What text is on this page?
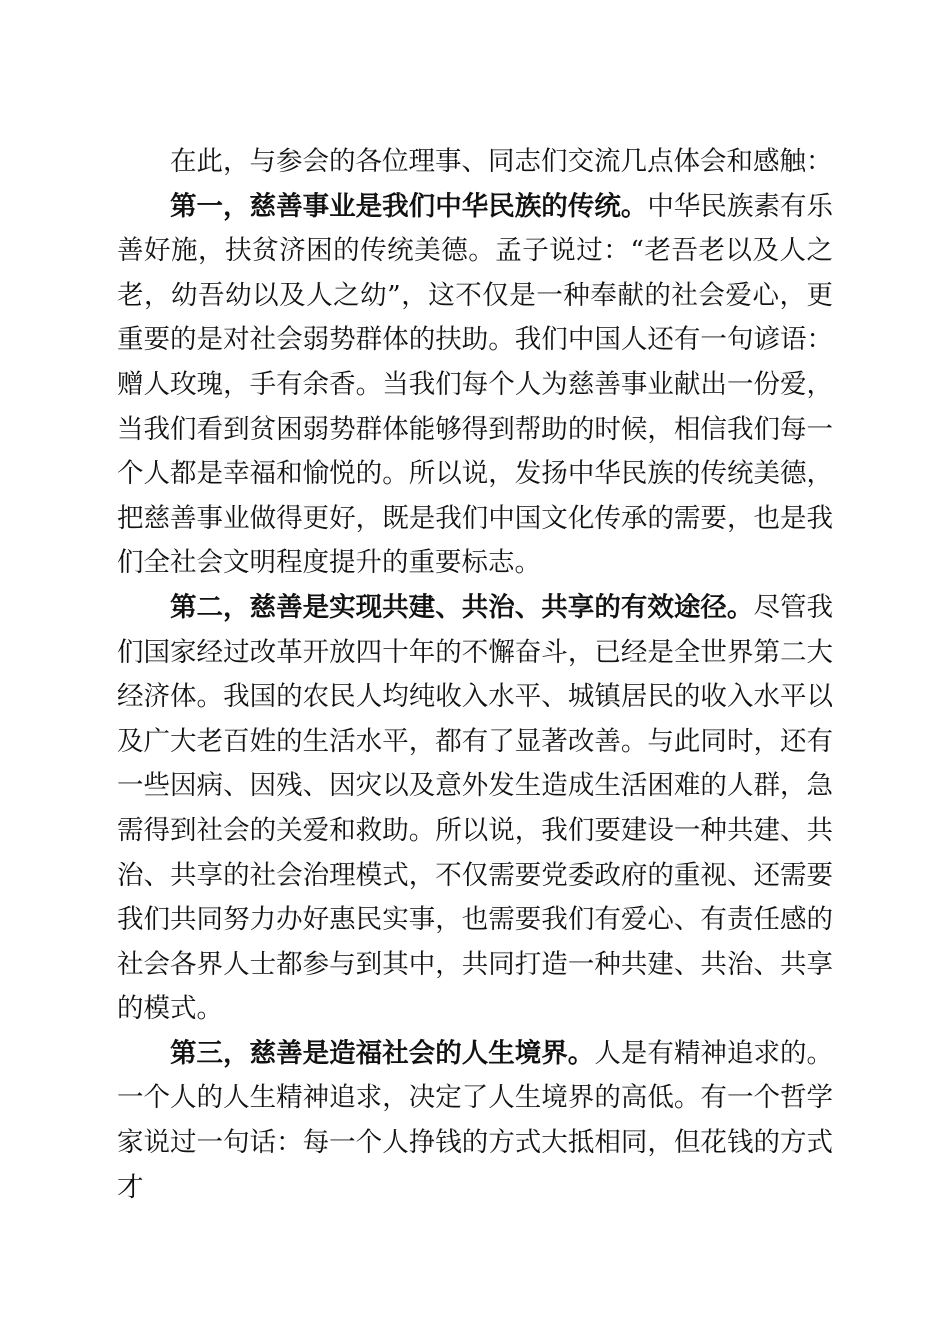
在此，与参会的各位理事、同志们交流几点体会和感触：

第一，慈善事业是我们中华民族的传统。中华民族素有乐善好施，扶贫济困的传统美德。孟子说过：“老吾老以及人之老，幼吾幼以及人之幼”，这不仅是一种奉献的社会爱心，更重要的是对社会弱势群体的扶助。我们中国人还有一句谚语：赠人玫瑰，手有余香。当我们每个人为慈善事业献出一份爱，当我们看到贫困弱势群体能够得到帮助的时候，相信我们每一个人都是幸福和愉悦的。所以说，发扬中华民族的传统美德，把慈善事业做得更好，既是我们中国文化传承的需要，也是我们全社会文明程度提升的重要标志。

第二，慈善是实现共建、共治、共享的有效途径。尽管我们国家经过改革开放四十年的不懈奋斗，已经是全世界第二大经济体。我国的农民人均纯收入水平、城镇居民的收入水平以及广大老百姓的生活水平，都有了显著改善。与此同时，还有一些因病、因残、因灾以及意外发生造成生活困难的人群，急需得到社会的关爱和救助。所以说，我们要建设一种共建、共治、共享的社会治理模式，不仅需要党委政府的重视、还需要我们共同努力办好惠民实事，也需要我们有爱心、有责任感的社会各界人士都参与到其中，共同打造一种共建、共治、共享的模式。

第三，慈善是造福社会的人生境界。人是有精神追求的。一个人的人生精神追求，决定了人生境界的高低。有一个哲学家说过一句话：每一个人挣钱的方式大抵相同，但花钱的方式才
